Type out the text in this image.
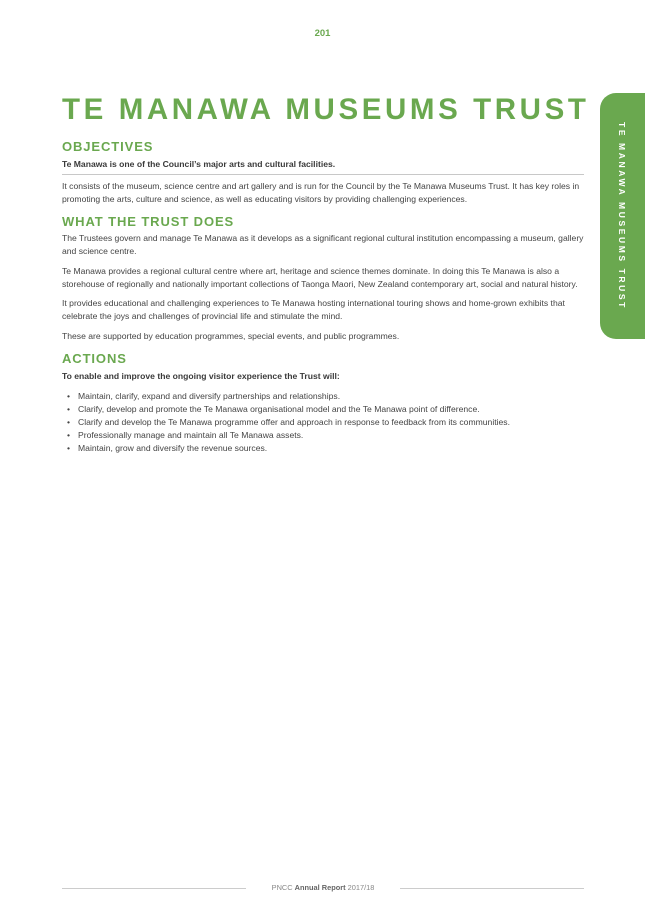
201
TE MANAWA MUSEUMS TRUST
TE MANAWA MUSEUMS TRUST
OBJECTIVES

Te Manawa is one of the Council’s major arts and cultural facilities.

It consists of the museum, science centre and art gallery and is run for the Council by the Te Manawa Museums Trust. It has key roles in promoting the arts, culture and science, as well as educating visitors by providing challenging experiences.

WHAT THE TRUST DOES

The Trustees govern and manage Te Manawa as it develops as a significant regional cultural institution encompassing a museum, gallery and science centre.

Te Manawa provides a regional cultural centre where art, heritage and science themes dominate. In doing this Te Manawa is also a storehouse of regionally and nationally important collections of Taonga Maori, New Zealand contemporary art, social and natural history.

It provides educational and challenging experiences to Te Manawa hosting international touring shows and home-grown exhibits that celebrate the joys and challenges of provincial life and stimulate the mind.

These are supported by education programmes, special events, and public programmes.

ACTIONS

To enable and improve the ongoing visitor experience the Trust will:

• Maintain, clarify, expand and diversify partnerships and relationships.
• Clarify, develop and promote the Te Manawa organisational model and the Te Manawa point of difference.
• Clarify and develop the Te Manawa programme offer and approach in response to feedback from its communities.
• Professionally manage and maintain all Te Manawa assets.
• Maintain, grow and diversify the revenue sources.
PNCC Annual Report 2017/18
